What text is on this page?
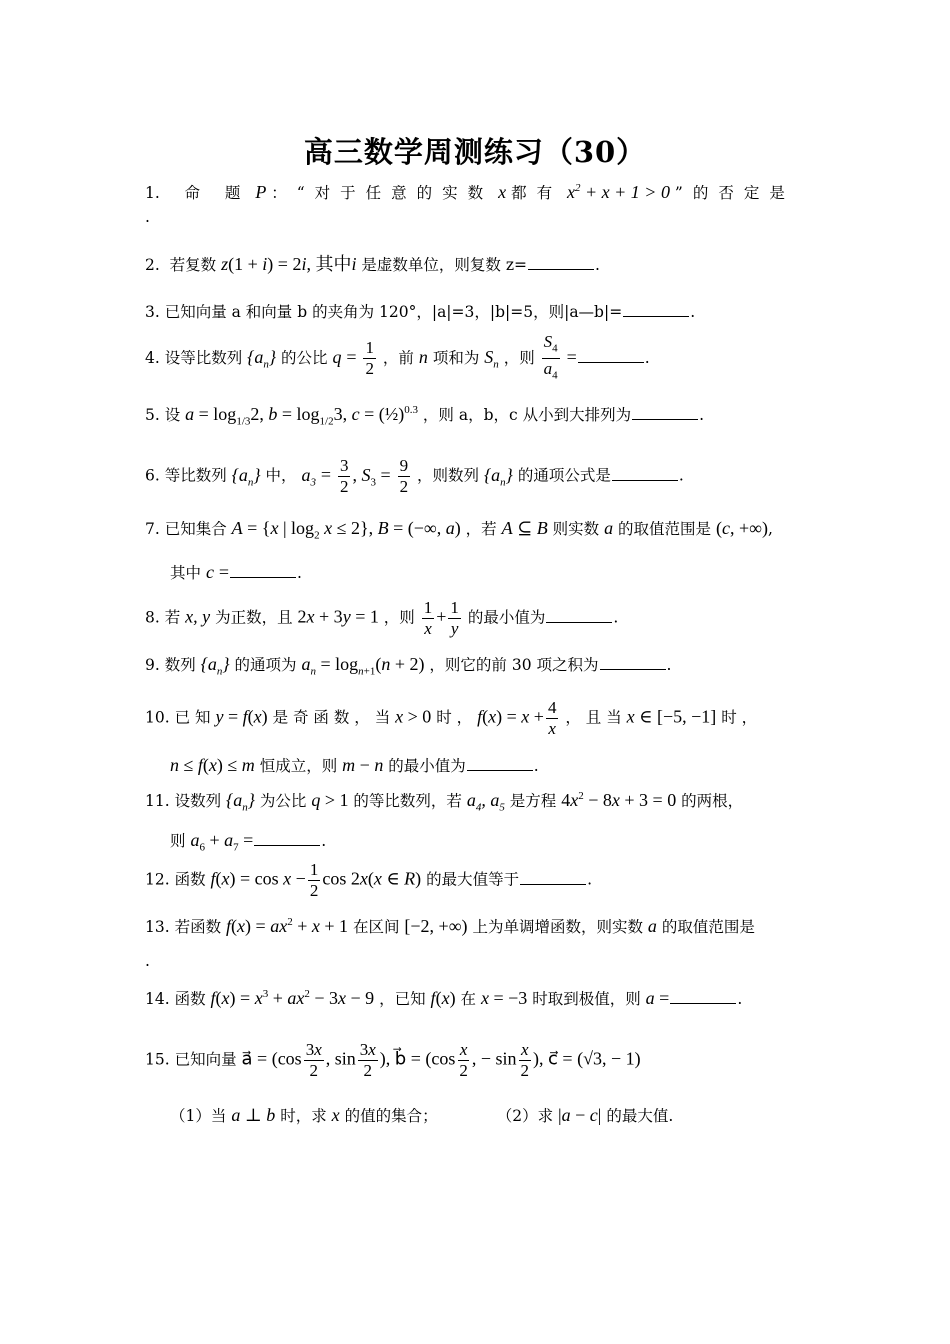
高三数学周测练习（30）
1. 命 题 P ：“对于任意的实数 x 都有 $x^2 + x + 1 > 0$ ”的否定是
.
2. 若复数 z(1 + i) = 2i, 其中i 是虚数单位，则复数 z=	.
3. 已知向量 a 和向量 b 的夹角为 120°，|a|=3，|b|=5，则|a—b|=	.
4. 设等比数列 $\{a_n\}$ 的公比 $q = \frac{1}{2}$ ，前 n 项和为 $S_n$ ，则 $\frac{S_4}{a_4}$ =	.
5. 设 $a = \log_{1/3}2$, $b = \log_{1/2}3$, c = (½)$^{0.3}$ ，则 a，b，c 从小到大排列为	.
6. 等比数列 $\{a_n\}$ 中， $a_3 = \frac{3}{2}$ , $S_3 = \frac{9}{2}$ ，则数列 $\{a_n\}$ 的通项公式是	.
7. 已知集合 A = {x | $\log_2 x \le 2$}, B = (−∞, a) ，若 A ⊆ B 则实数 a 的取值范围是 (c, +∞),
其中 c =	.
8. 若 x, y 为正数，且 2x + 3y = 1 ，则 $\frac{1}{x} + \frac{1}{y}$ 的最小值为	.
9. 数列 $\{a_n\}$ 的通项为 $a_n = \log_{n+1}(n + 2)$ ，则它的前 30 项之积为	.
10. 已 知 y = f(x) 是 奇 函 数 ， 当 x > 0 时 ， $f(x) = x + \frac{4}{x}$ ， 且 当 x ∈ [−5, −1] 时 ，
n ≤ f(x) ≤ m 恒成立，则 m − n 的最小值为	.
11. 设数列 $\{a_n\}$ 为公比 q > 1 的等比数列，若 $a_4$, $a_5$ 是方程 $4x^2 - 8x + 3 = 0$ 的两根，
则 $a_6 + a_7$ =	.
12. 函数 $f(x) = \cos x - \frac{1}{2}$ cos 2x(x ∈ R) 的最大值等于	.
13. 若函数 $f(x) = ax^2 + x + 1$ 在区间 [−2, +∞) 上为单调增函数，则实数 a 的取值范围是
.
14. 函数 $f(x) = x^3 + ax^2 - 3x - 9$ ，已知 f(x) 在 x = −3 时取到极值，则 a =	.
15. 已知向量 a⃗ = ($\cos \frac{3x}{2}$ , $\sin \frac{3x}{2}$ ), b⃗ = ($\cos \frac{x}{2}$ , − $\sin \frac{x}{2}$ ), c⃗ = (√3, − 1)
（1）当 a ⊥ b 时，求 x 的值的集合；	（2）求 |a − c| 的最大值.
